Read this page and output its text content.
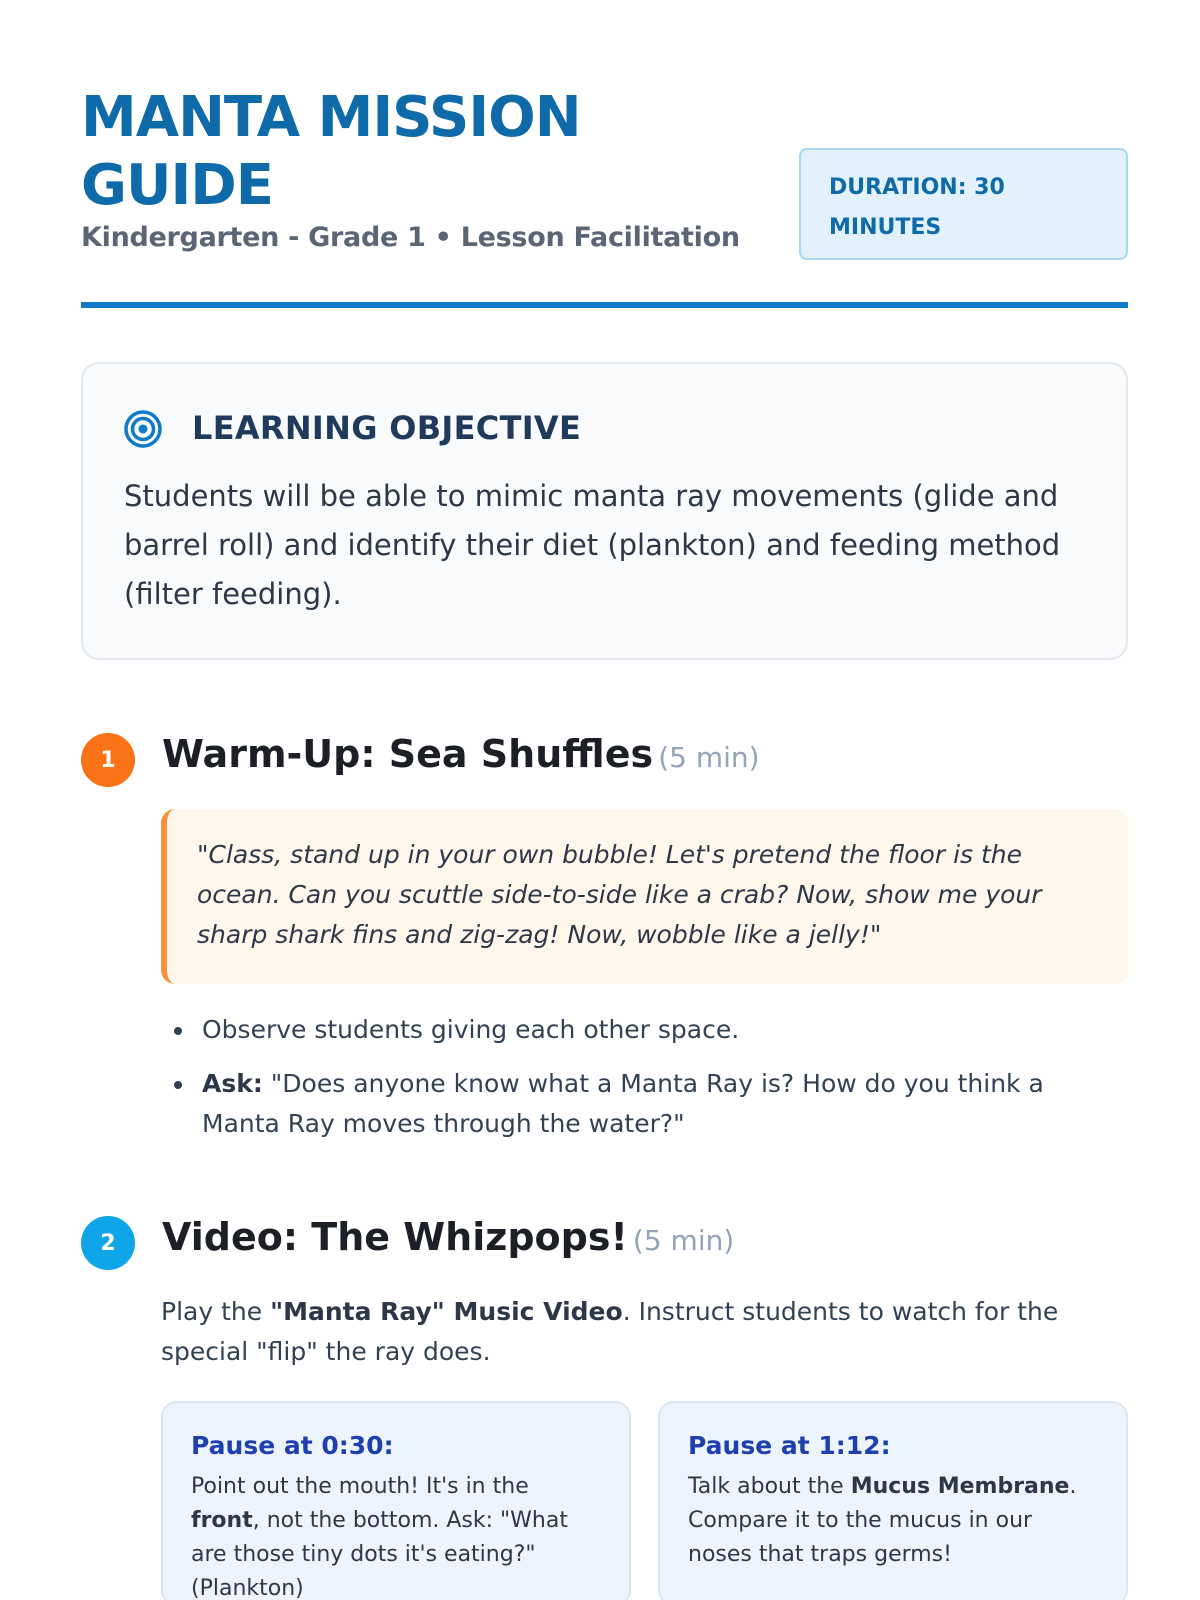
MANTA MISSION GUIDE
Kindergarten - Grade 1 • Lesson Facilitation
DURATION: 30 MINUTES
LEARNING OBJECTIVE

Students will be able to mimic manta ray movements (glide and barrel roll) and identify their diet (plankton) and feeding method (filter feeding).

1	Warm-Up: Sea Shuffles (5 min)
"Class, stand up in your own bubble! Let's pretend the floor is the ocean. Can you scuttle side-to-side like a crab? Now, show me your sharp shark fins and zig-zag! Now, wobble like a jelly!"
Observe students giving each other space.
Ask: "Does anyone know what a Manta Ray is? How do you think a Manta Ray moves through the water?"
2	Video: The Whizpops! (5 min)

Play the "Manta Ray" Music Video. Instruct students to watch for the special "flip" the ray does.

Pause at 0:30:
Point out the mouth! It's in the front, not the bottom. Ask: "What are those tiny dots it's eating?" (Plankton)
Pause at 1:12:
Talk about the Mucus Membrane. Compare it to the mucus in our noses that traps germs!
